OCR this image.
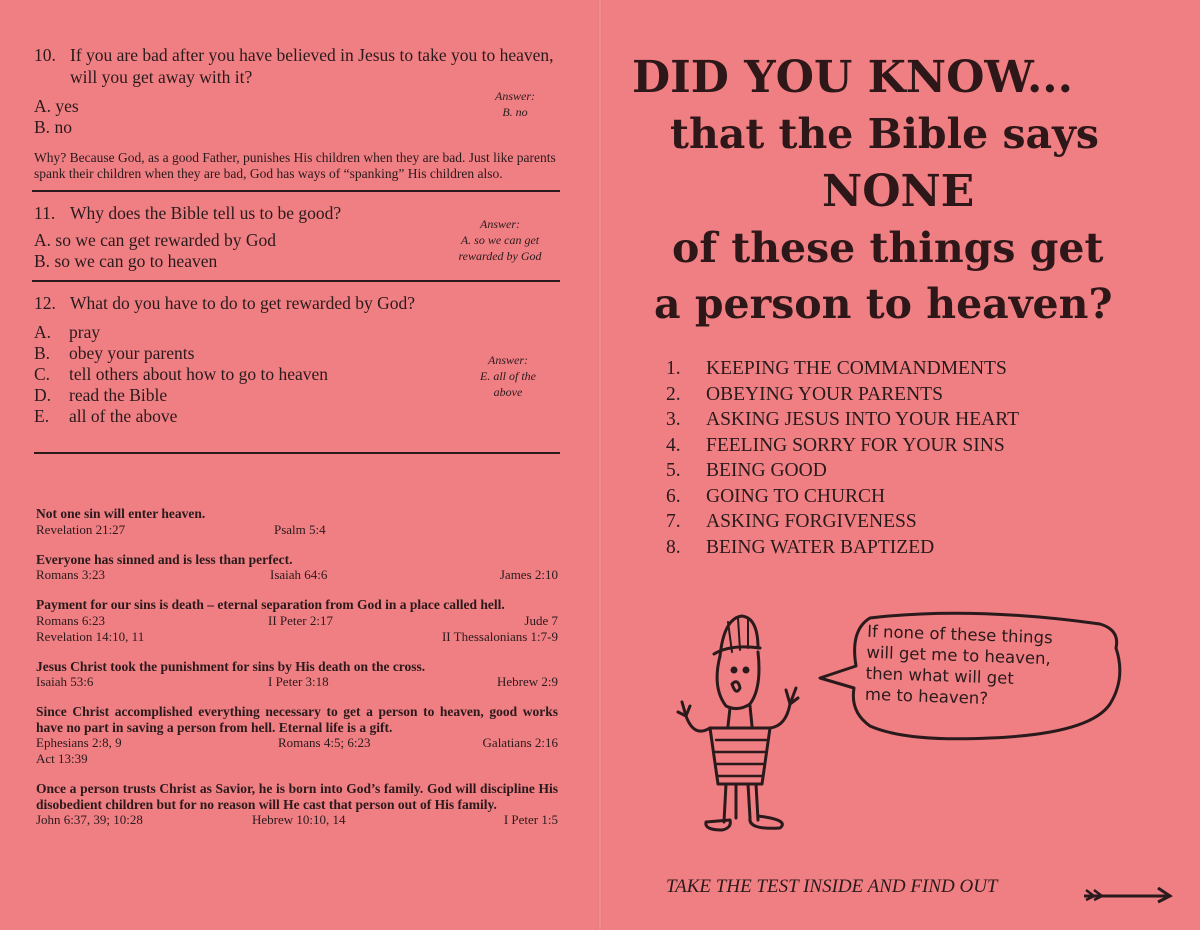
10. If you are bad after you have believed in Jesus to take you to heaven, will you get away with it?
A.
yes
B.
no
Answer:
B. no
Why? Because God, as a good Father, punishes His children when they are bad. Just like parents spank their children when they are bad, God has ways of “spanking” His children also.
11. Why does the Bible tell us to be good?
A.
so we can get rewarded by God
B.
so we can go to heaven
Answer:
A. so we can get rewarded by God
12. What do you have to do to get rewarded by God?
A.	pray
B.	obey your parents
C.	tell others about how to go to heaven
D.	read the Bible
E.	all of the above
Answer:
E. all of the above
Not one sin will enter heaven.
Revelation 21:27	Psalm 5:4
Everyone has sinned and is less than perfect.
Romans 3:23	Isaiah 64:6	James 2:10
Payment for our sins is death – eternal separation from God in a place called hell.
Romans 6:23	II Peter 2:17	Jude 7
Revelation 14:10, 11	II Thessalonians 1:7-9
Jesus Christ took the punishment for sins by His death on the cross.
Isaiah 53:6	I Peter 3:18	Hebrew 2:9
Since Christ accomplished everything necessary to get a person to heaven, good works have no part in saving a person from hell. Eternal life is a gift.
Ephesians 2:8, 9	Romans 4:5; 6:23	Galatians 2:16
Act 13:39
Once a person trusts Christ as Savior, he is born into God’s family. God will discipline His disobedient children but for no reason will He cast that person out of His family.
John 6:37, 39; 10:28	Hebrew 10:10, 14	I Peter 1:5
DID YOU KNOW...
that the Bible says
NONE
of these things get
a person to heaven?
1.	KEEPING THE COMMANDMENTS
2.	OBEYING YOUR PARENTS
3.	ASKING JESUS INTO YOUR HEART
4.	FEELING SORRY FOR YOUR SINS
5.	BEING GOOD
6.	GOING TO CHURCH
7.	ASKING FORGIVENESS
8.	BEING WATER BAPTIZED
If none of these things
will get me to heaven,
then what will get
me to heaven?
TAKE THE TEST INSIDE AND FIND OUT
